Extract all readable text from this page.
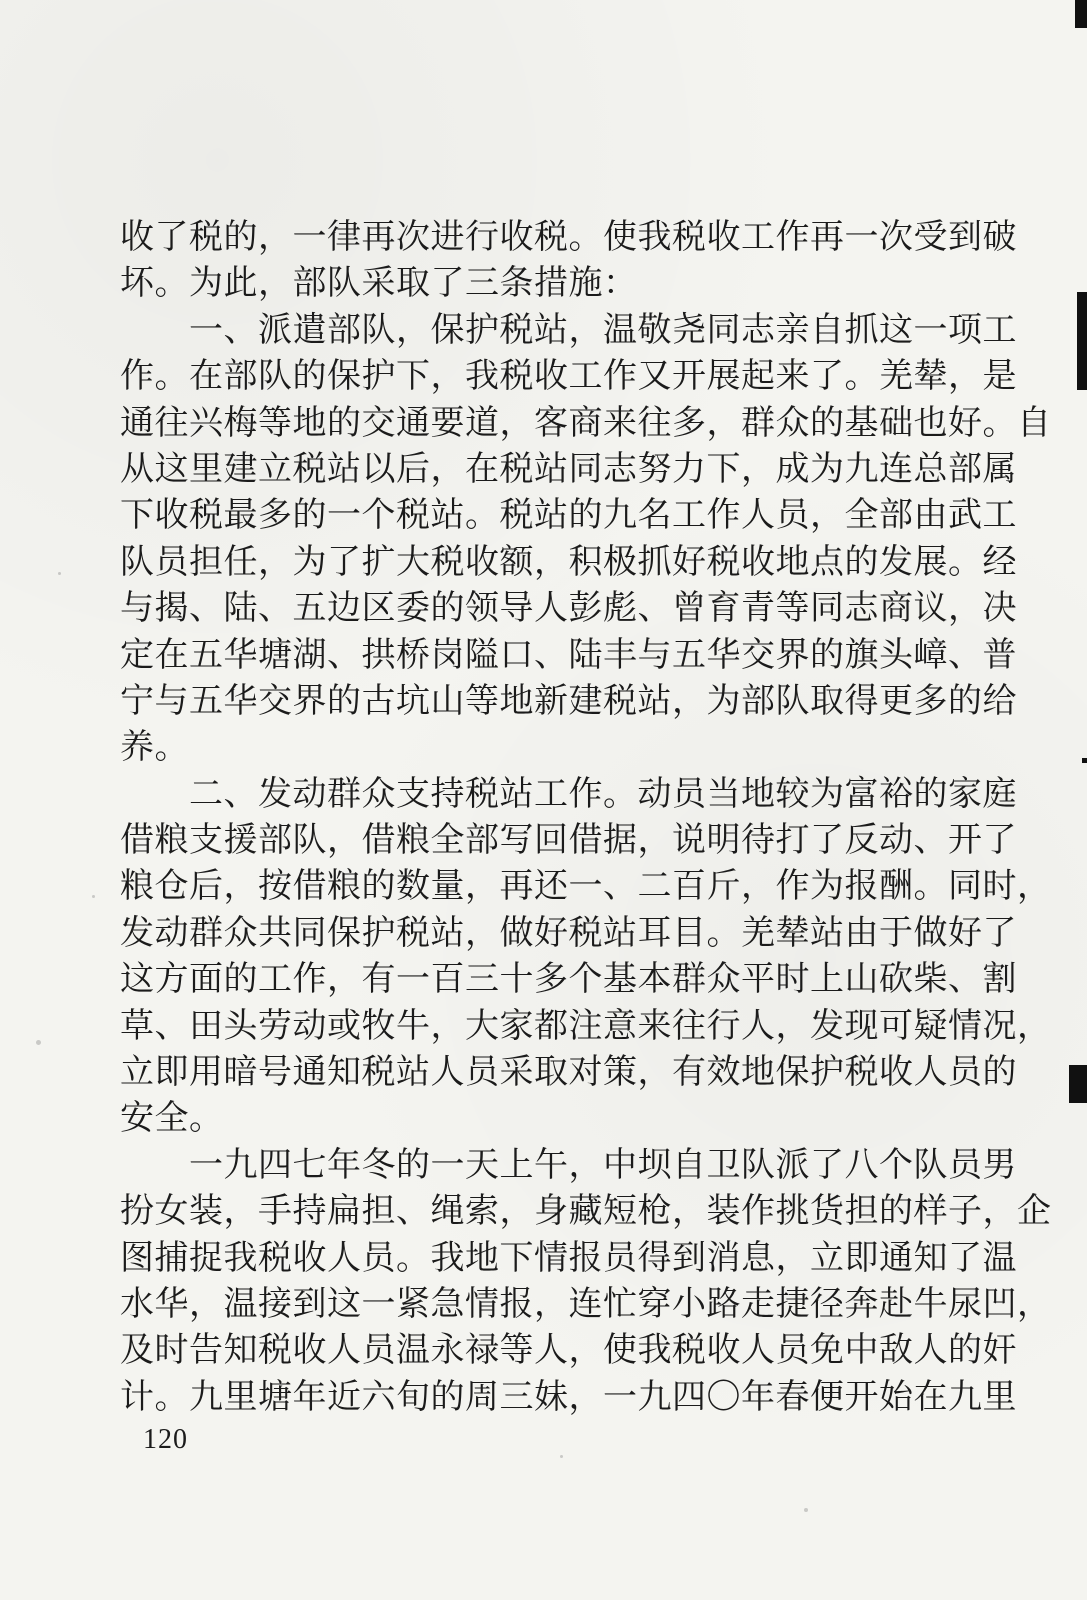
收了税的，一律再次进行收税。使我税收工作再一次受到破
坏。为此，部队采取了三条措施：
　　一、派遣部队，保护税站，温敬尧同志亲自抓这一项工
作。在部队的保护下，我税收工作又开展起来了。羌辇，是
通往兴梅等地的交通要道，客商来往多，群众的基础也好。自
从这里建立税站以后，在税站同志努力下，成为九连总部属
下收税最多的一个税站。税站的九名工作人员，全部由武工
队员担任，为了扩大税收额，积极抓好税收地点的发展。经
与揭、陆、五边区委的领导人彭彪、曾育青等同志商议，决
定在五华塘湖、拱桥岗隘口、陆丰与五华交界的旗头嶂、普
宁与五华交界的古坑山等地新建税站，为部队取得更多的给
养。
　　二、发动群众支持税站工作。动员当地较为富裕的家庭
借粮支援部队，借粮全部写回借据，说明待打了反动、开了
粮仓后，按借粮的数量，再还一、二百斤，作为报酬。同时，
发动群众共同保护税站，做好税站耳目。羌辇站由于做好了
这方面的工作，有一百三十多个基本群众平时上山砍柴、割
草、田头劳动或牧牛，大家都注意来往行人，发现可疑情况，
立即用暗号通知税站人员采取对策，有效地保护税收人员的
安全。
　　一九四七年冬的一天上午，中坝自卫队派了八个队员男
扮女装，手持扁担、绳索，身藏短枪，装作挑货担的样子，企
图捕捉我税收人员。我地下情报员得到消息，立即通知了温
水华，温接到这一紧急情报，连忙穿小路走捷径奔赴牛尿凹，
及时告知税收人员温永禄等人，使我税收人员免中敌人的奸
计。九里塘年近六旬的周三妹，一九四〇年春便开始在九里
120
